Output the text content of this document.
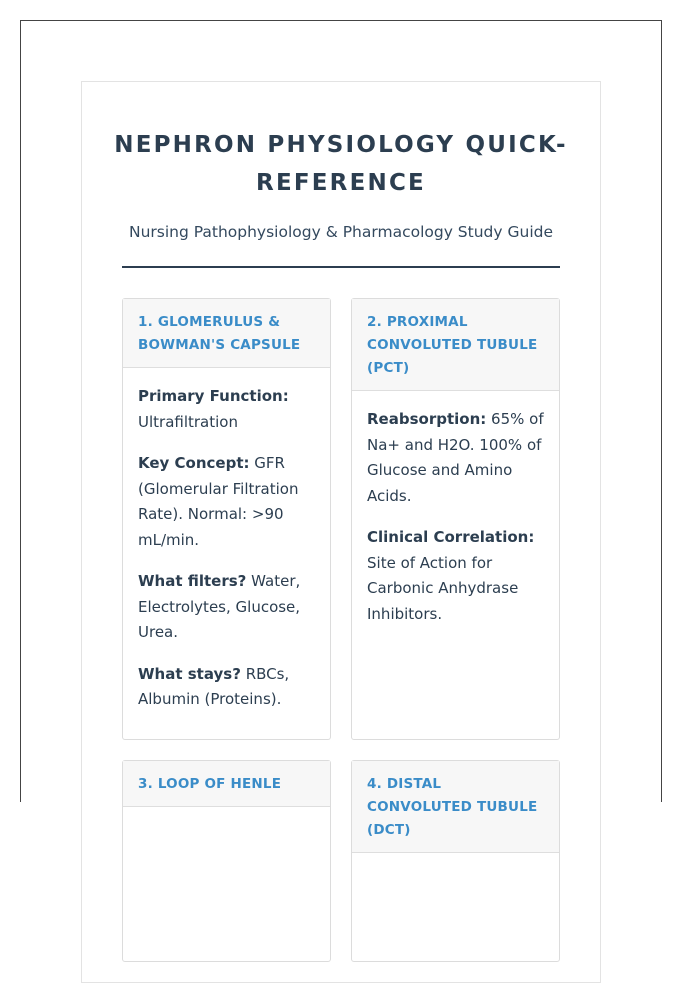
NEPHRON PHYSIOLOGY QUICK-REFERENCE
Nursing Pathophysiology & Pharmacology Study Guide
1. GLOMERULUS & BOWMAN'S CAPSULE

Primary Function:
Ultrafiltration

Key Concept: GFR (Glomerular Filtration Rate). Normal: >90 mL/min.

What filters? Water, Electrolytes, Glucose, Urea.

What stays? RBCs, Albumin (Proteins).

2. PROXIMAL CONVOLUTED TUBULE (PCT)

Reabsorption: 65% of Na+ and H2O. 100% of Glucose and Amino Acids.

Clinical Correlation: Site of Action for Carbonic Anhydrase Inhibitors.

3. LOOP OF HENLE	4. DISTAL CONVOLUTED TUBULE (DCT)
